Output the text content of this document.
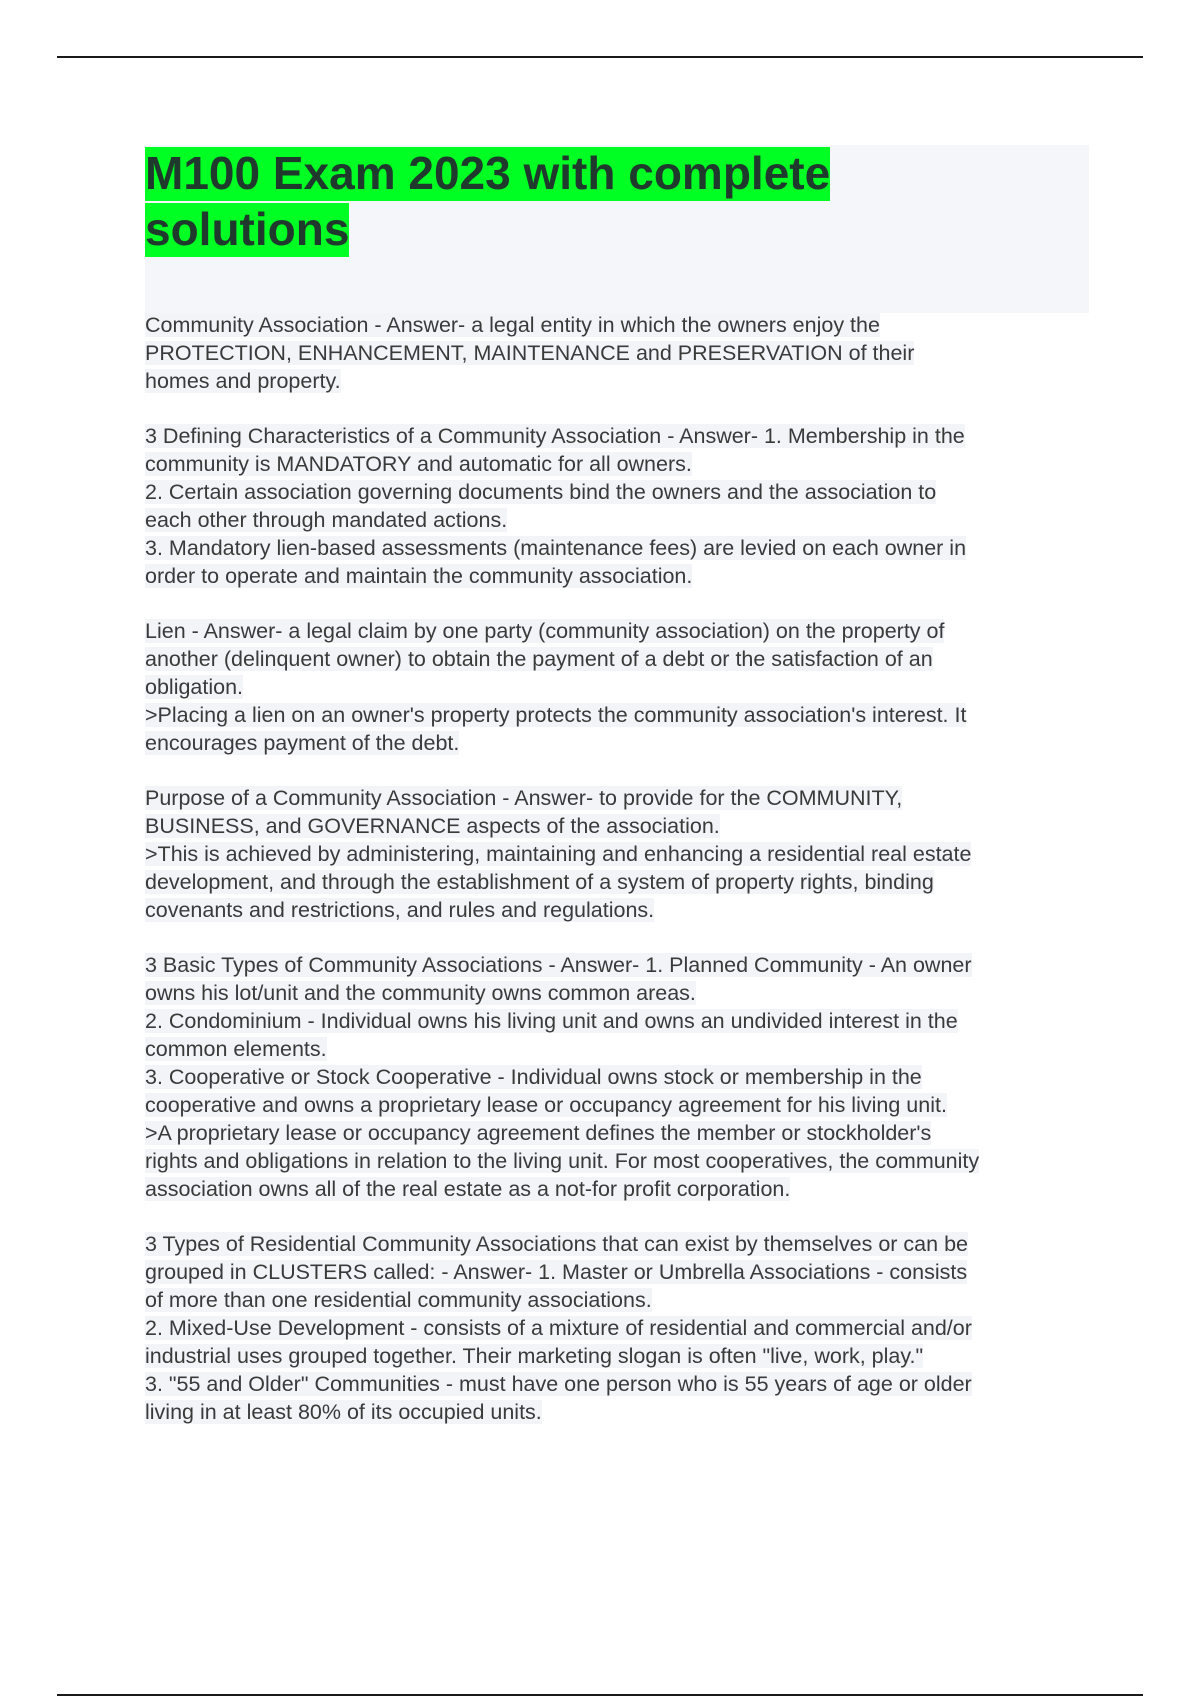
M100 Exam 2023 with complete
solutions
Community Association - Answer- a legal entity in which the owners enjoy the
PROTECTION, ENHANCEMENT, MAINTENANCE and PRESERVATION of their
homes and property.
3 Defining Characteristics of a Community Association - Answer- 1. Membership in the
community is MANDATORY and automatic for all owners.
2. Certain association governing documents bind the owners and the association to
each other through mandated actions.
3. Mandatory lien-based assessments (maintenance fees) are levied on each owner in
order to operate and maintain the community association.
Lien - Answer- a legal claim by one party (community association) on the property of
another (delinquent owner) to obtain the payment of a debt or the satisfaction of an
obligation.
>Placing a lien on an owner's property protects the community association's interest. It
encourages payment of the debt.
Purpose of a Community Association - Answer- to provide for the COMMUNITY,
BUSINESS, and GOVERNANCE aspects of the association.
>This is achieved by administering, maintaining and enhancing a residential real estate
development, and through the establishment of a system of property rights, binding
covenants and restrictions, and rules and regulations.
3 Basic Types of Community Associations - Answer- 1. Planned Community - An owner
owns his lot/unit and the community owns common areas.
2. Condominium - Individual owns his living unit and owns an undivided interest in the
common elements.
3. Cooperative or Stock Cooperative - Individual owns stock or membership in the
cooperative and owns a proprietary lease or occupancy agreement for his living unit.
>A proprietary lease or occupancy agreement defines the member or stockholder's
rights and obligations in relation to the living unit. For most cooperatives, the community
association owns all of the real estate as a not-for profit corporation.
3 Types of Residential Community Associations that can exist by themselves or can be
grouped in CLUSTERS called: - Answer- 1. Master or Umbrella Associations - consists
of more than one residential community associations.
2. Mixed-Use Development - consists of a mixture of residential and commercial and/or
industrial uses grouped together. Their marketing slogan is often "live, work, play."
3. "55 and Older" Communities - must have one person who is 55 years of age or older
living in at least 80% of its occupied units.
